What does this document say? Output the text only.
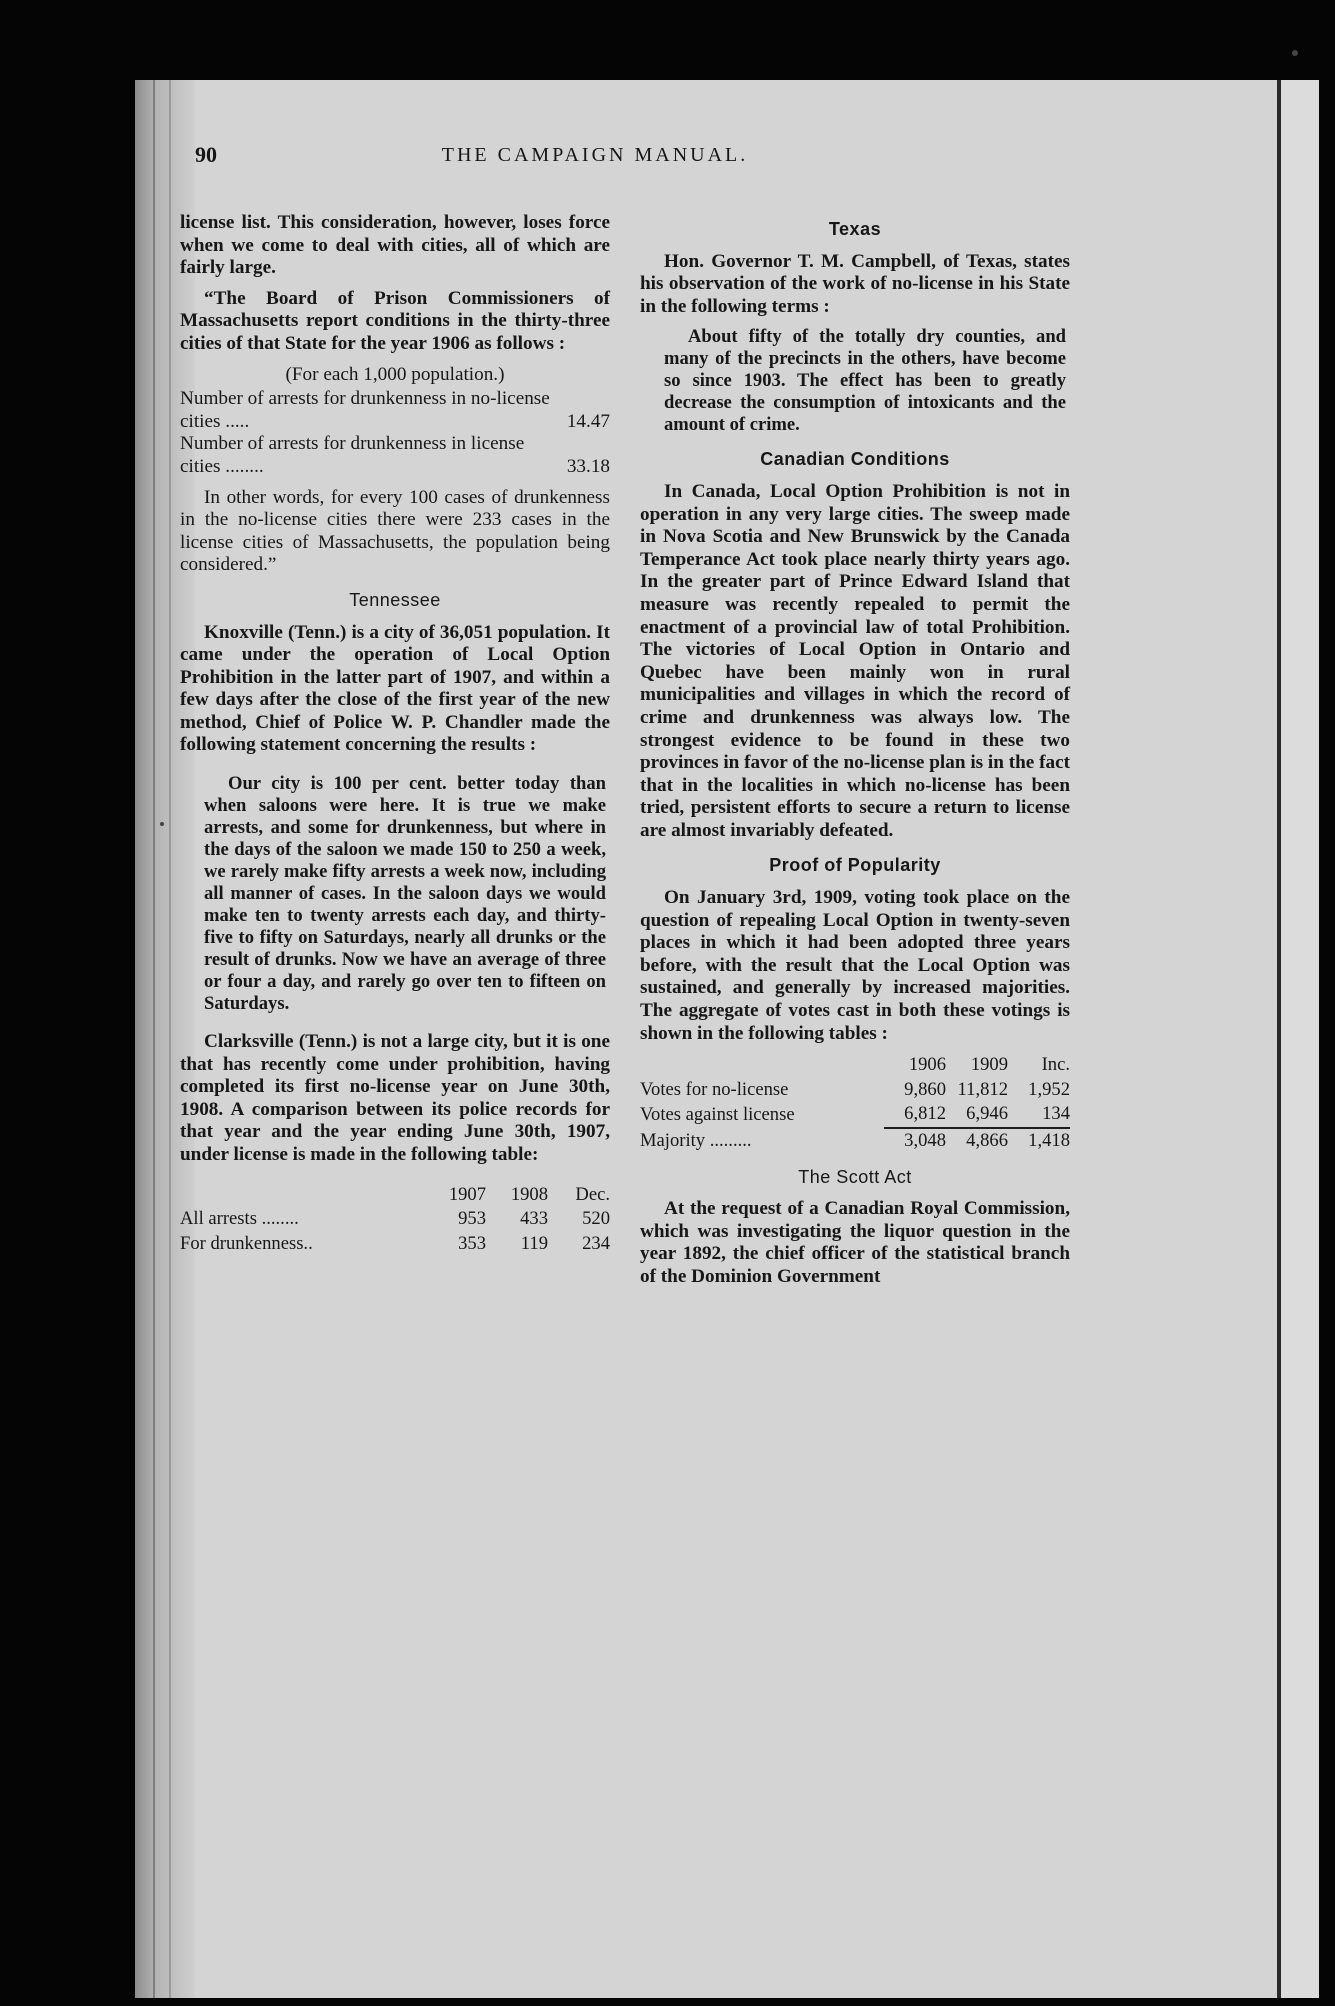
90	THE CAMPAIGN MANUAL.

license list. This consideration, however, loses force when we come to deal with cities, all of which are fairly large.

“The Board of Prison Commissioners of Massachusetts report conditions in the thirty-three cities of that State for the year 1906 as follows :

(For each 1,000 population.)
Number of arrests for drunkenness in no-license cities .....	14.47
Number of arrests for drunkenness in license cities ........	33.18

In other words, for every 100 cases of drunkenness in the no-license cities there were 233 cases in the license cities of Massachusetts, the population being considered.”

Tennessee

Knoxville (Tenn.) is a city of 36,051 population. It came under the operation of Local Option Prohibition in the latter part of 1907, and within a few days after the close of the first year of the new method, Chief of Police W. P. Chandler made the following statement concerning the results :

Our city is 100 per cent. better today than when saloons were here. It is true we make arrests, and some for drunkenness, but where in the days of the saloon we made 150 to 250 a week, we rarely make fifty arrests a week now, including all manner of cases. In the saloon days we would make ten to twenty arrests each day, and thirty-five to fifty on Saturdays, nearly all drunks or the result of drunks. Now we have an average of three or four a day, and rarely go over ten to fifteen on Saturdays.

Clarksville (Tenn.) is not a large city, but it is one that has recently come under prohibition, having completed its first no-license year on June 30th, 1908. A comparison between its police records for that year and the year ending June 30th, 1907, under license is made in the following table:

	1907	1908	Dec.
All arrests ........	953	433	520
For drunkenness..	353	119	234
Texas

Hon. Governor T. M. Campbell, of Texas, states his observation of the work of no-license in his State in the following terms :

About fifty of the totally dry counties, and many of the precincts in the others, have become so since 1903. The effect has been to greatly decrease the consumption of intoxicants and the amount of crime.

Canadian Conditions

In Canada, Local Option Prohibition is not in operation in any very large cities. The sweep made in Nova Scotia and New Brunswick by the Canada Temperance Act took place nearly thirty years ago. In the greater part of Prince Edward Island that measure was recently repealed to permit the enactment of a provincial law of total Prohibition. The victories of Local Option in Ontario and Quebec have been mainly won in rural municipalities and villages in which the record of crime and drunkenness was always low. The strongest evidence to be found in these two provinces in favor of the no-license plan is in the fact that in the localities in which no-license has been tried, persistent efforts to secure a return to license are almost invariably defeated.

Proof of Popularity

On January 3rd, 1909, voting took place on the question of repealing Local Option in twenty-seven places in which it had been adopted three years before, with the result that the Local Option was sustained, and generally by increased majorities. The aggregate of votes cast in both these votings is shown in the following tables :

	1906	1909	Inc.
Votes for no-license	9,860	11,812	1,952
Votes against license	6,812	6,946	134
Majority .........	3,048	4,866	1,418
The Scott Act

At the request of a Canadian Royal Commission, which was investigating the liquor question in the year 1892, the chief officer of the statistical branch of the Dominion Government
